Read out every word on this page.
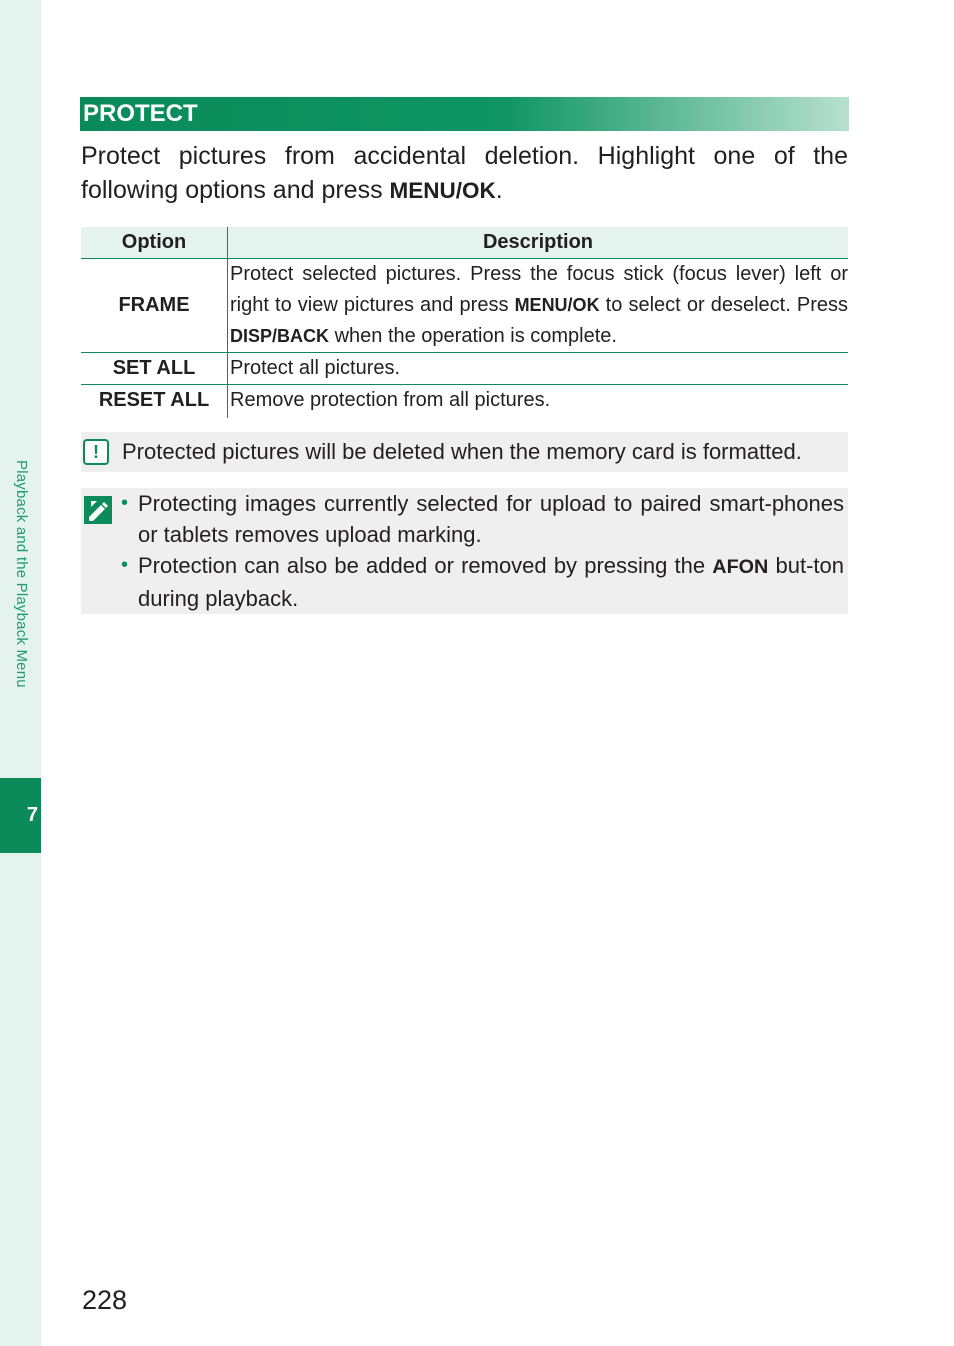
Playback and the Playback Menu
7
PROTECT

Protect pictures from accidental deletion. Highlight one of the following options and press MENU/OK.

Option	Description
FRAME	Protect selected pictures. Press the focus stick (focus lever) left or right to view pictures and press MENU/OK to select or deselect. Press DISP/BACK when the operation is complete.
SET ALL	Protect all pictures.
RESET ALL	Remove protection from all pictures.
!	Protected pictures will be deleted when the memory card is formatted.
• Protecting images currently selected for upload to paired smart-phones or tablets removes upload marking.
• Protection can also be added or removed by pressing the AFON but-ton during playback.
228
